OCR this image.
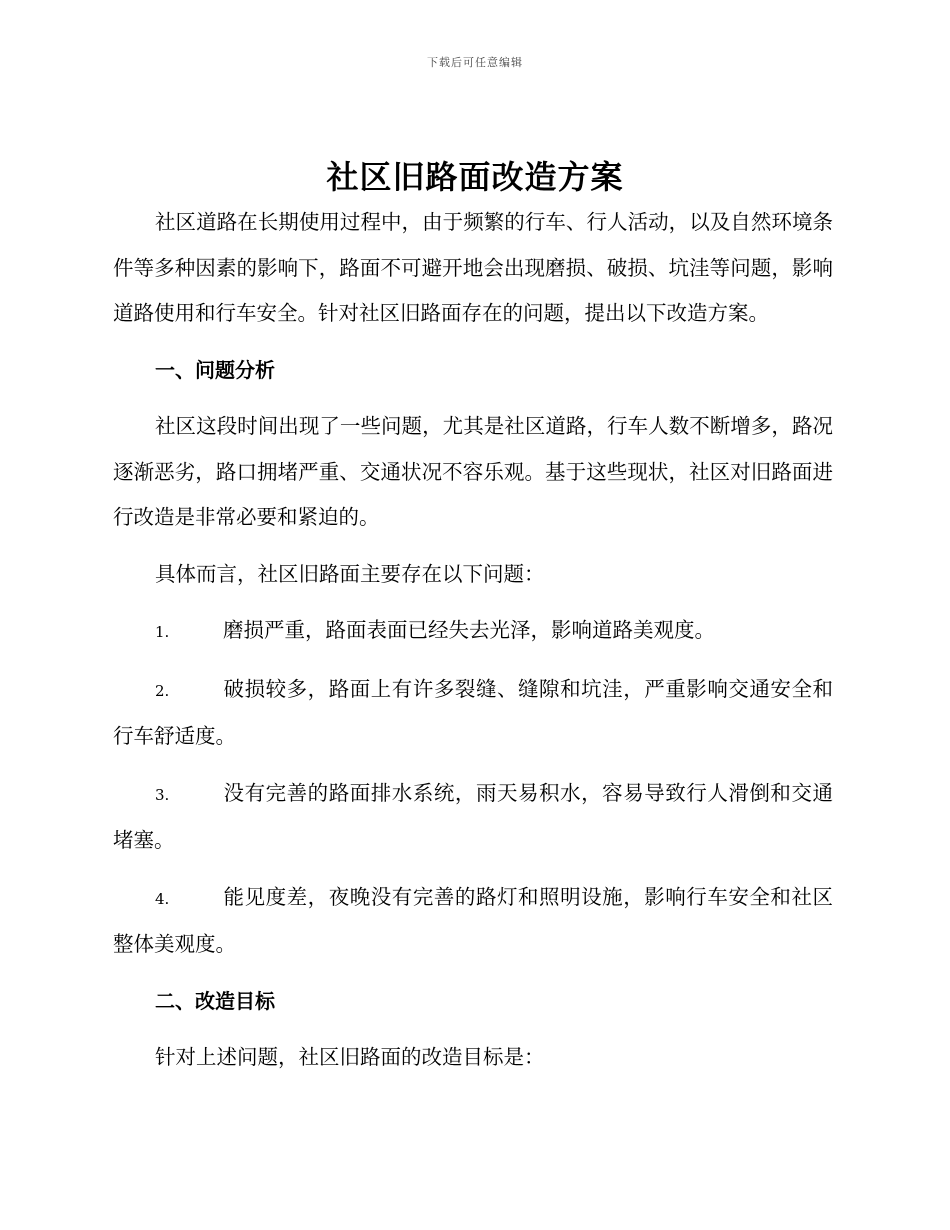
下载后可任意编辑
社区旧路面改造方案

社区道路在长期使用过程中，由于频繁的行车、行人活动，以及自然环境条件等多种因素的影响下，路面不可避开地会出现磨损、破损、坑洼等问题，影响道路使用和行车安全。针对社区旧路面存在的问题，提出以下改造方案。

一、问题分析

社区这段时间出现了一些问题，尤其是社区道路，行车人数不断增多，路况逐渐恶劣，路口拥堵严重、交通状况不容乐观。基于这些现状，社区对旧路面进行改造是非常必要和紧迫的。

具体而言，社区旧路面主要存在以下问题：

1.	磨损严重，路面表面已经失去光泽，影响道路美观度。

2.	破损较多，路面上有许多裂缝、缝隙和坑洼，严重影响交通安全和行车舒适度。

3.	没有完善的路面排水系统，雨天易积水，容易导致行人滑倒和交通堵塞。

4.	能见度差，夜晚没有完善的路灯和照明设施，影响行车安全和社区整体美观度。

二、改造目标

针对上述问题，社区旧路面的改造目标是：
